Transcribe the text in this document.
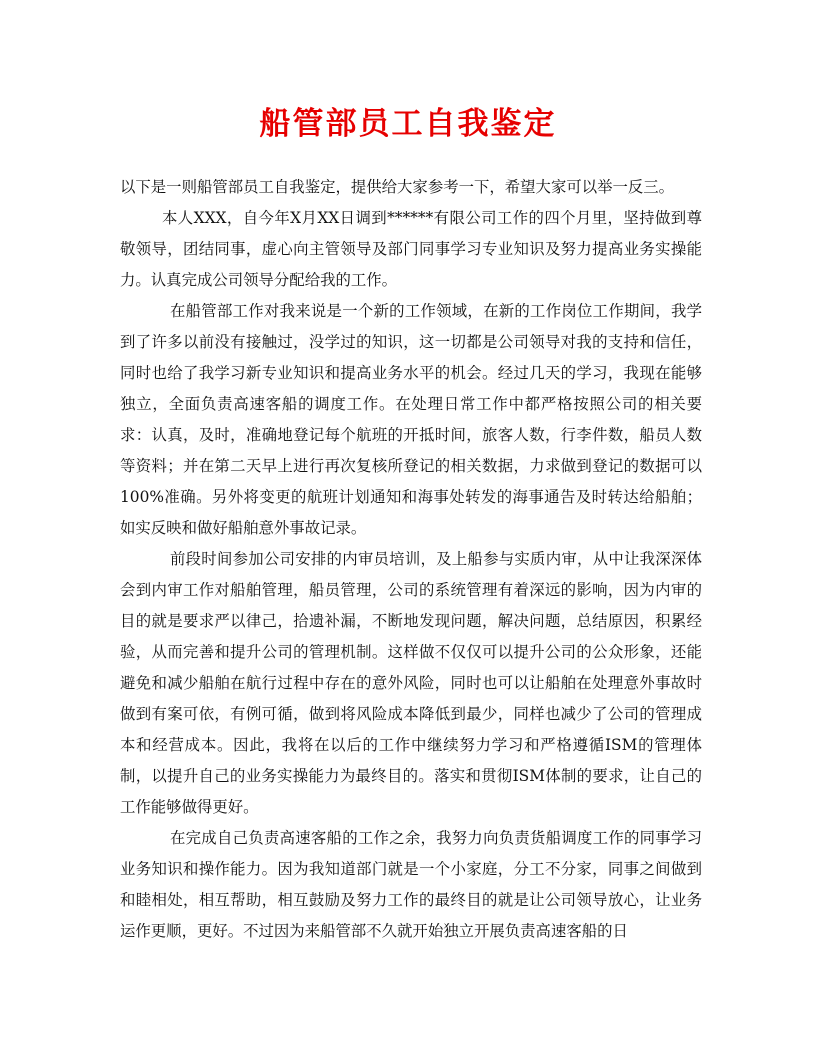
船管部员工自我鉴定

以下是一则船管部员工自我鉴定，提供给大家参考一下，希望大家可以举一反三。

本人XXX，自今年X月XX日调到******有限公司工作的四个月里，坚持做到尊敬领导，团结同事，虚心向主管领导及部门同事学习专业知识及努力提高业务实操能力。认真完成公司领导分配给我的工作。

在船管部工作对我来说是一个新的工作领域，在新的工作岗位工作期间，我学到了许多以前没有接触过，没学过的知识，这一切都是公司领导对我的支持和信任，同时也给了我学习新专业知识和提高业务水平的机会。经过几天的学习，我现在能够独立，全面负责高速客船的调度工作。在处理日常工作中都严格按照公司的相关要求：认真，及时，准确地登记每个航班的开抵时间，旅客人数，行李件数，船员人数等资料；并在第二天早上进行再次复核所登记的相关数据，力求做到登记的数据可以100%准确。另外将变更的航班计划通知和海事处转发的海事通告及时转达给船舶；如实反映和做好船舶意外事故记录。

前段时间参加公司安排的内审员培训，及上船参与实质内审，从中让我深深体会到内审工作对船舶管理，船员管理，公司的系统管理有着深远的影响，因为内审的目的就是要求严以律己，拾遗补漏，不断地发现问题，解决问题，总结原因，积累经验，从而完善和提升公司的管理机制。这样做不仅仅可以提升公司的公众形象，还能避免和减少船舶在航行过程中存在的意外风险，同时也可以让船舶在处理意外事故时做到有案可依，有例可循，做到将风险成本降低到最少，同样也减少了公司的管理成本和经营成本。因此，我将在以后的工作中继续努力学习和严格遵循ISM的管理体制，以提升自己的业务实操能力为最终目的。落实和贯彻ISM体制的要求，让自己的工作能够做得更好。

在完成自己负责高速客船的工作之余，我努力向负责货船调度工作的同事学习业务知识和操作能力。因为我知道部门就是一个小家庭，分工不分家，同事之间做到和睦相处，相互帮助，相互鼓励及努力工作的最终目的就是让公司领导放心，让业务运作更顺，更好。不过因为来船管部不久就开始独立开展负责高速客船的日
